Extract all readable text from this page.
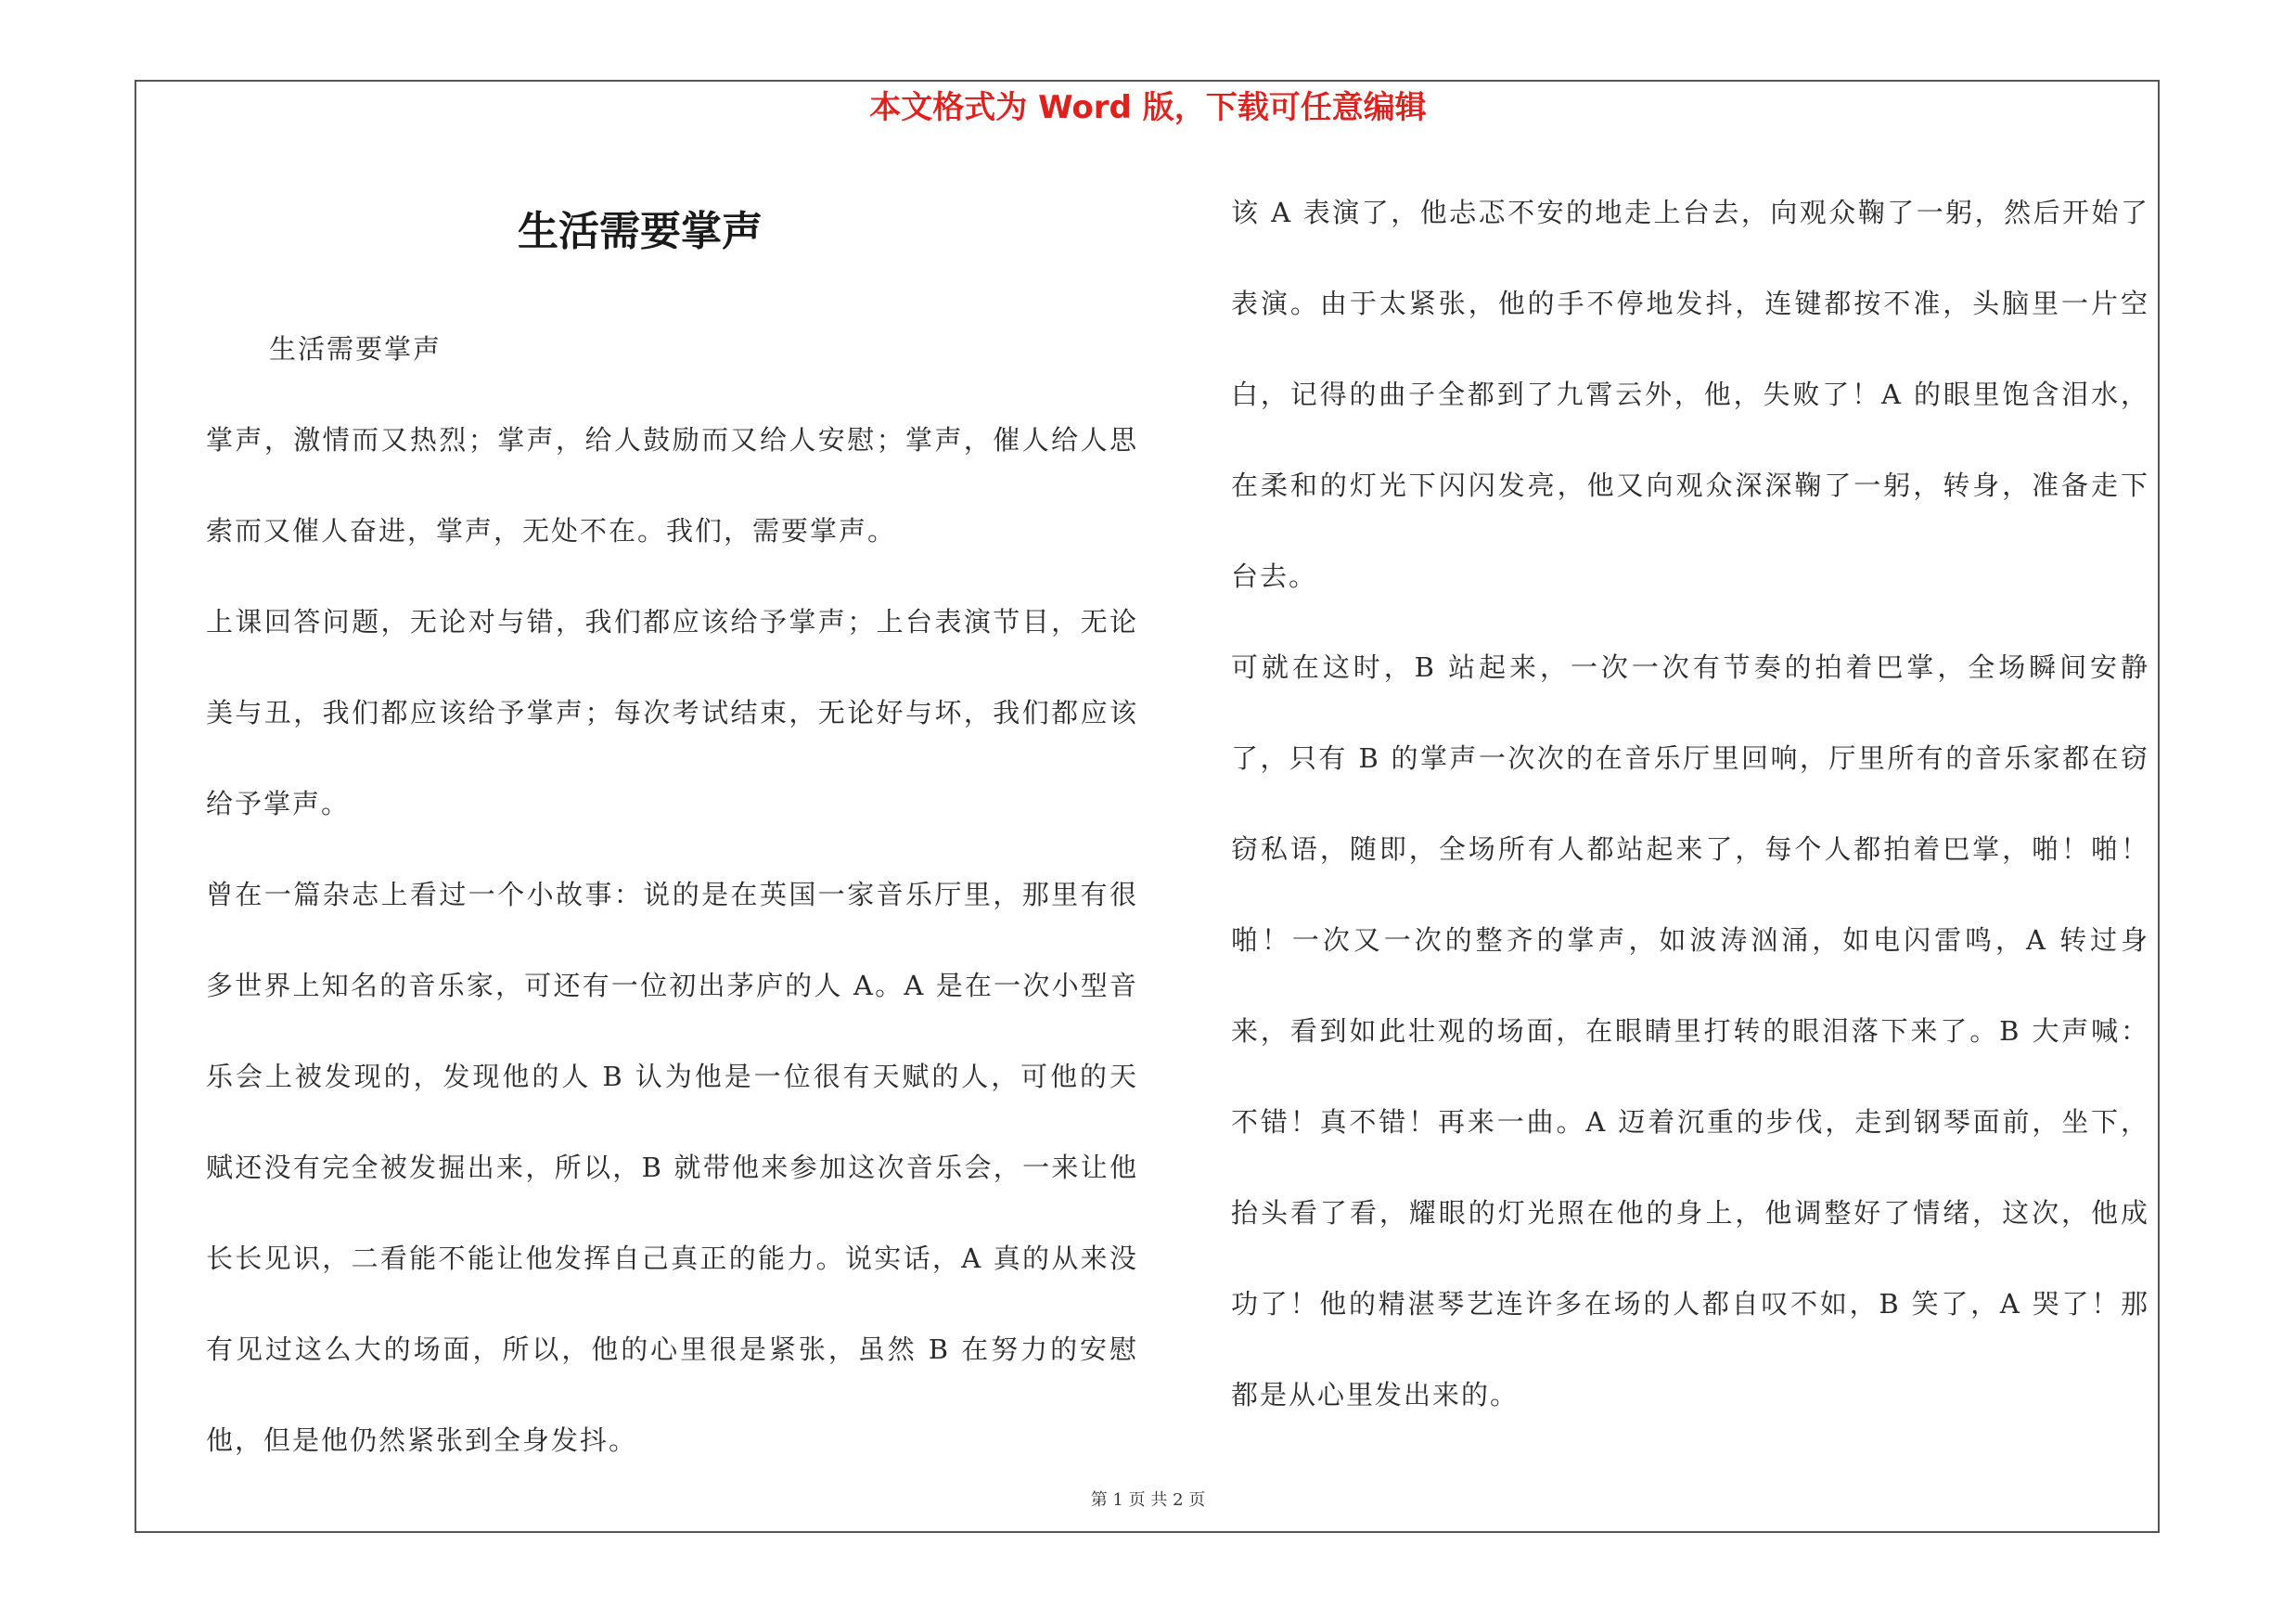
本文格式为 Word 版，下载可任意编辑
生活需要掌声

生活需要掌声

掌声，激情而又热烈；掌声，给人鼓励而又给人安慰；掌声，催人给人思索而又催人奋进，掌声，无处不在。我们，需要掌声。

上课回答问题，无论对与错，我们都应该给予掌声；上台表演节目，无论美与丑，我们都应该给予掌声；每次考试结束，无论好与坏，我们都应该给予掌声。

曾在一篇杂志上看过一个小故事：说的是在英国一家音乐厅里，那里有很多世界上知名的音乐家，可还有一位初出茅庐的人 A。A 是在一次小型音乐会上被发现的，发现他的人 B 认为他是一位很有天赋的人，可他的天赋还没有完全被发掘出来，所以，B 就带他来参加这次音乐会，一来让他长长见识，二看能不能让他发挥自己真正的能力。说实话，A 真的从来没有见过这么大的场面，所以，他的心里很是紧张，虽然 B 在努力的安慰他，但是他仍然紧张到全身发抖。

该 A 表演了，他忐忑不安的地走上台去，向观众鞠了一躬，然后开始了表演。由于太紧张，他的手不停地发抖，连键都按不准，头脑里一片空白，记得的曲子全都到了九霄云外，他，失败了！A 的眼里饱含泪水，在柔和的灯光下闪闪发亮，他又向观众深深鞠了一躬，转身，准备走下台去。

可就在这时，B 站起来，一次一次有节奏的拍着巴掌，全场瞬间安静了，只有 B 的掌声一次次的在音乐厅里回响，厅里所有的音乐家都在窃窃私语，随即，全场所有人都站起来了，每个人都拍着巴掌，啪！啪！啪！一次又一次的整齐的掌声，如波涛汹涌，如电闪雷鸣，A 转过身来，看到如此壮观的场面，在眼睛里打转的眼泪落下来了。B 大声喊：不错！真不错！再来一曲。A 迈着沉重的步伐，走到钢琴面前，坐下，抬头看了看，耀眼的灯光照在他的身上，他调整好了情绪，这次，他成功了！他的精湛琴艺连许多在场的人都自叹不如，B 笑了，A 哭了！那都是从心里发出来的。

第 1 页 共 2 页
